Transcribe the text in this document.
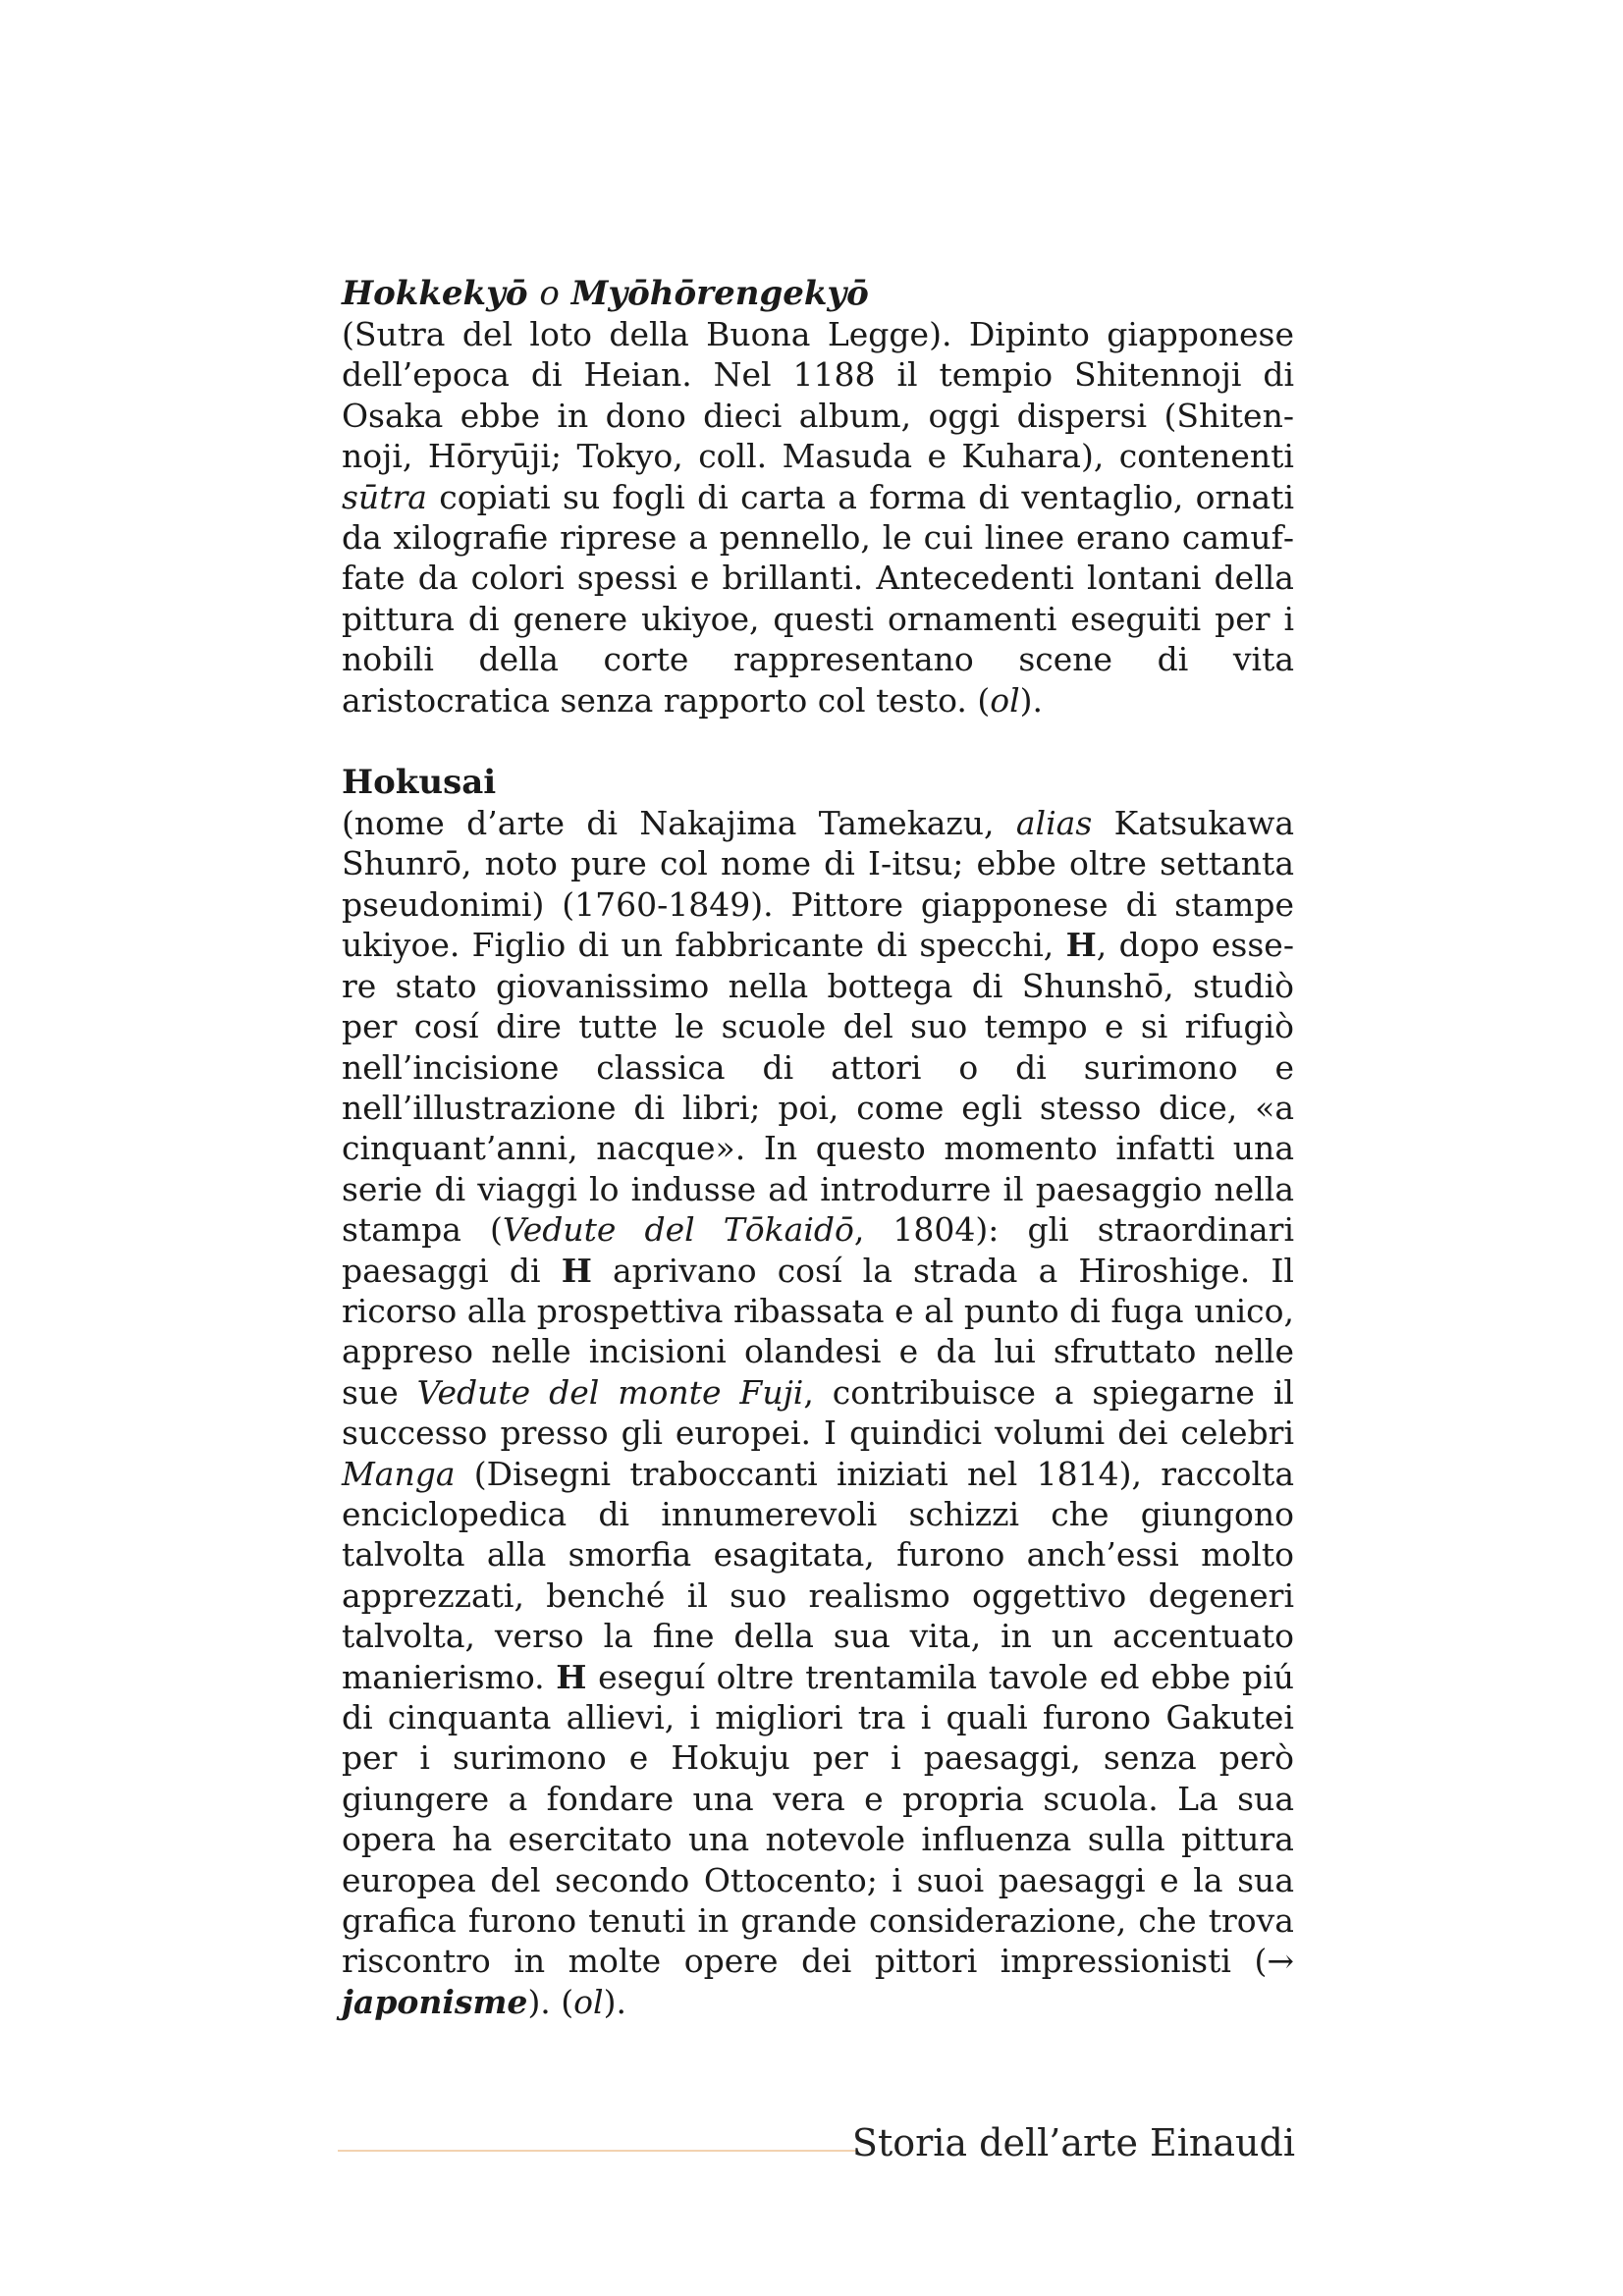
Hokkekyō o Myōhōrengekyō

(Sutra del loto della Buona Legge). Dipinto giapponese dell’epoca di Heian. Nel 1188 il tempio Shitennoji di Osaka ebbe in dono dieci album, oggi dispersi (Shitennoji, Hōryūji; Tokyo, coll. Masuda e Kuhara), contenenti sūtra copiati su fogli di carta a forma di ventaglio, ornati da xilografie riprese a pennello, le cui linee erano camuffate da colori spessi e brillanti. Antecedenti lontani della pittura di genere ukiyoe, questi ornamenti eseguiti per i nobili della corte rappresentano scene di vita aristocratica senza rapporto col testo. (ol).

Hokusai

(nome d’arte di Nakajima Tamekazu, alias Katsukawa Shunrō, noto pure col nome di I-itsu; ebbe oltre settanta pseudonimi) (1760-1849). Pittore giapponese di stampe ukiyoe. Figlio di un fabbricante di specchi, H, dopo essere stato giovanissimo nella bottega di Shunshō, studiò per cosí dire tutte le scuole del suo tempo e si rifugiò nell’incisione classica di attori o di surimono e nell’illustrazione di libri; poi, come egli stesso dice, «a cinquant’anni, nacque». In questo momento infatti una serie di viaggi lo indusse ad introdurre il paesaggio nella stampa (Vedute del Tōkaidō, 1804): gli straordinari paesaggi di H aprivano cosí la strada a Hiroshige. Il ricorso alla prospettiva ribassata e al punto di fuga unico, appreso nelle incisioni olandesi e da lui sfruttato nelle sue Vedute del monte Fuji, contribuisce a spiegarne il successo presso gli europei. I quindici volumi dei celebri Manga (Disegni traboccanti iniziati nel 1814), raccolta enciclopedica di innumerevoli schizzi che giungono talvolta alla smorfia esagitata, furono anch’essi molto apprezzati, benché il suo realismo oggettivo degeneri talvolta, verso la fine della sua vita, in un accentuato manierismo. H eseguí oltre trentamila tavole ed ebbe piú di cinquanta allievi, i migliori tra i quali furono Gakutei per i surimono e Hokuju per i paesaggi, senza però giungere a fondare una vera e propria scuola. La sua opera ha esercitato una notevole influenza sulla pittura europea del secondo Ottocento; i suoi paesaggi e la sua grafica furono tenuti in grande considerazione, che trova riscontro in molte opere dei pittori impressionisti (→ japonisme). (ol).

Storia dell’arte Einaudi
